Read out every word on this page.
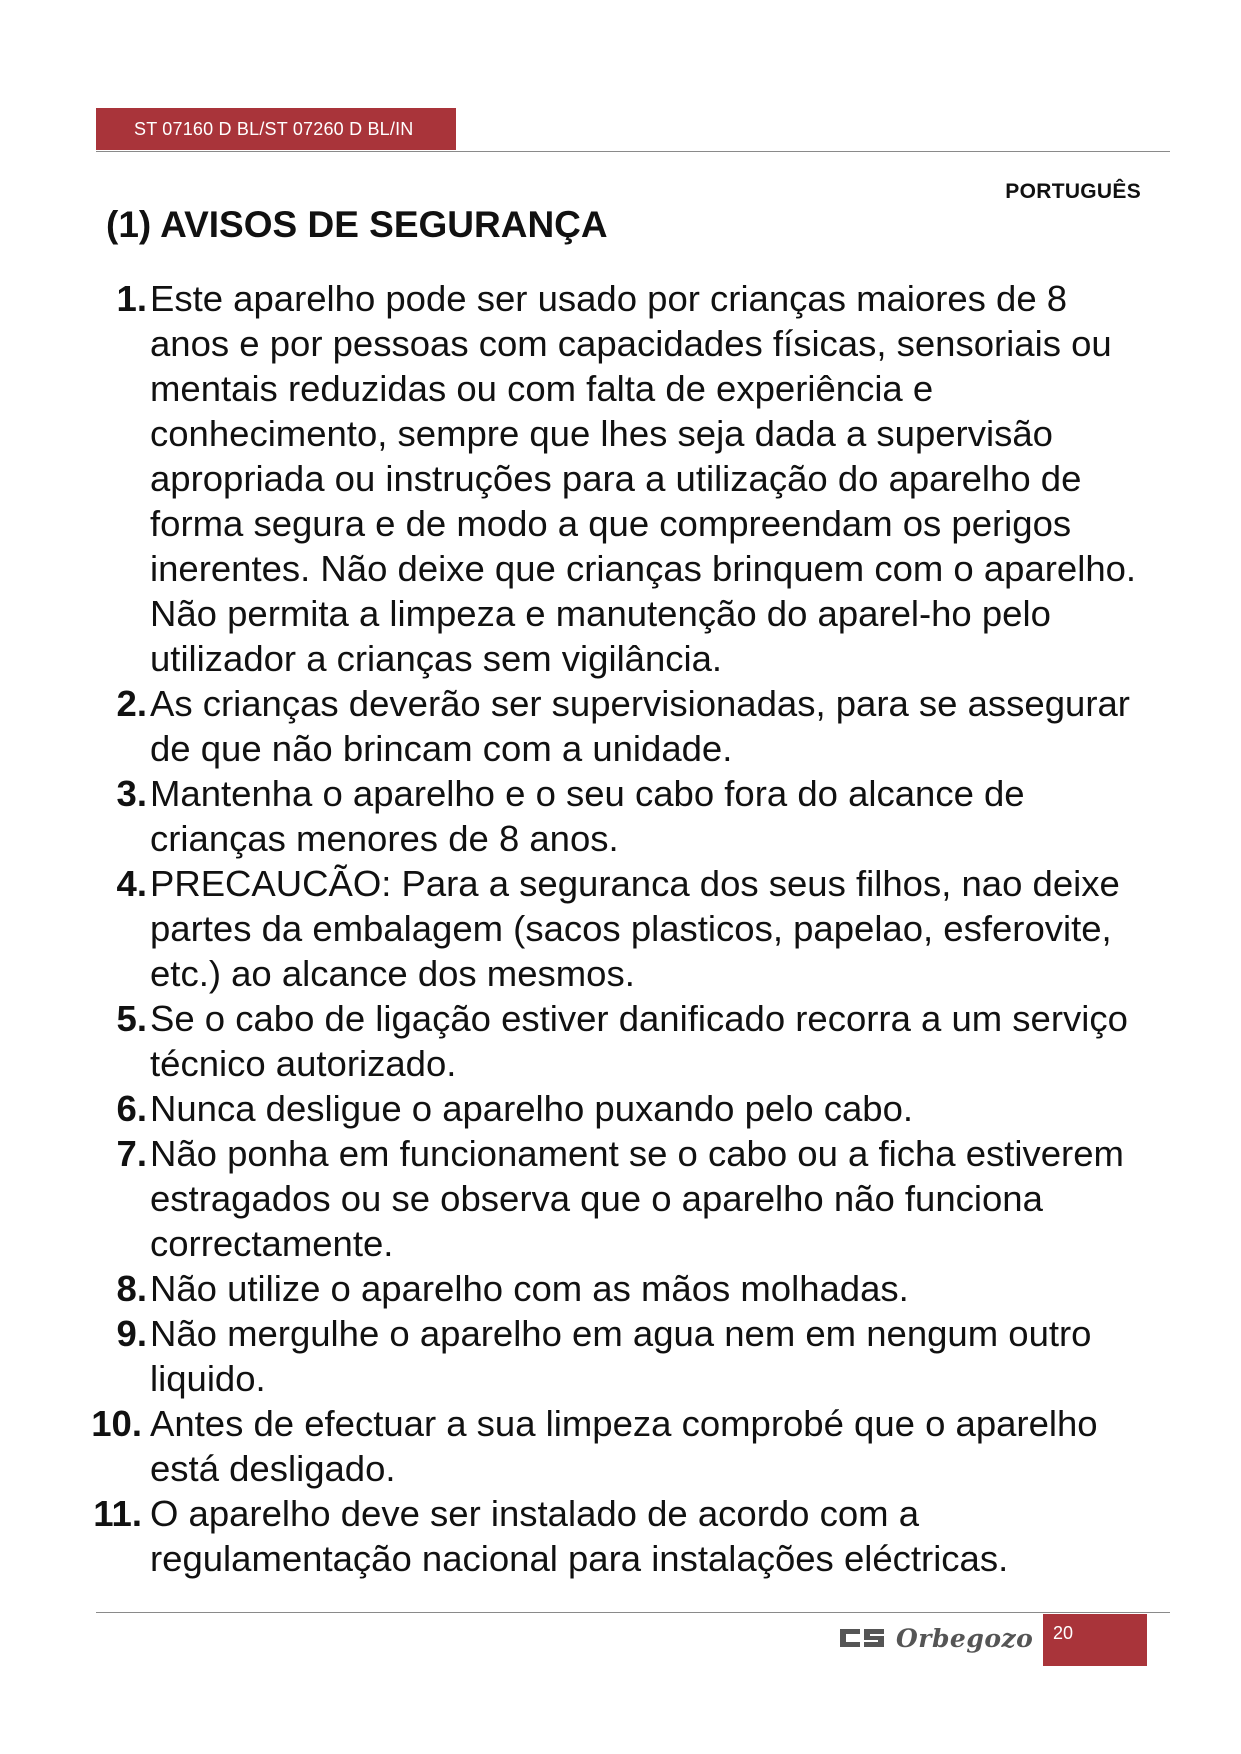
ST 07160 D BL/ST 07260 D BL/IN
PORTUGUÊS
(1) AVISOS DE SEGURANÇA
1. Este aparelho pode ser usado por crianças maiores de 8 anos e por pessoas com capacidades físicas, sensoriais ou mentais reduzidas ou com falta de experiência e conhecimento, sempre que lhes seja dada a supervisão apropriada ou instruções para a utilização do aparelho de forma segura e de modo a que compreendam os perigos inerentes. Não deixe que crianças brinquem com o aparelho. Não permita a limpeza e manutenção do aparel-ho pelo utilizador a crianças sem vigilância.
2. As crianças deverão ser supervisionadas, para se assegurar de que não brincam com a unidade.
3. Mantenha o aparelho e o seu cabo fora do alcance de crianças menores de 8 anos.
4. PRECAUCÃO: Para a seguranca dos seus filhos, nao deixe partes da embalagem (sacos plasticos, papelao, esferovite, etc.) ao alcance dos mesmos.
5. Se o cabo de ligação estiver danificado recorra a um serviço técnico autorizado.
6. Nunca desligue o aparelho puxando pelo cabo.
7. Não ponha em funcionament se o cabo ou a ficha estiverem estragados ou se observa que o aparelho não funciona correctamente.
8. Não utilize o aparelho com as mãos molhadas.
9. Não mergulhe o aparelho em agua nem em nengum outro liquido.
10. Antes de efectuar a sua limpeza comprobé que o aparelho está desligado.
11. O aparelho deve ser instalado de acordo com a regulamentação nacional para instalações eléctricas.
Orbegozo	20
